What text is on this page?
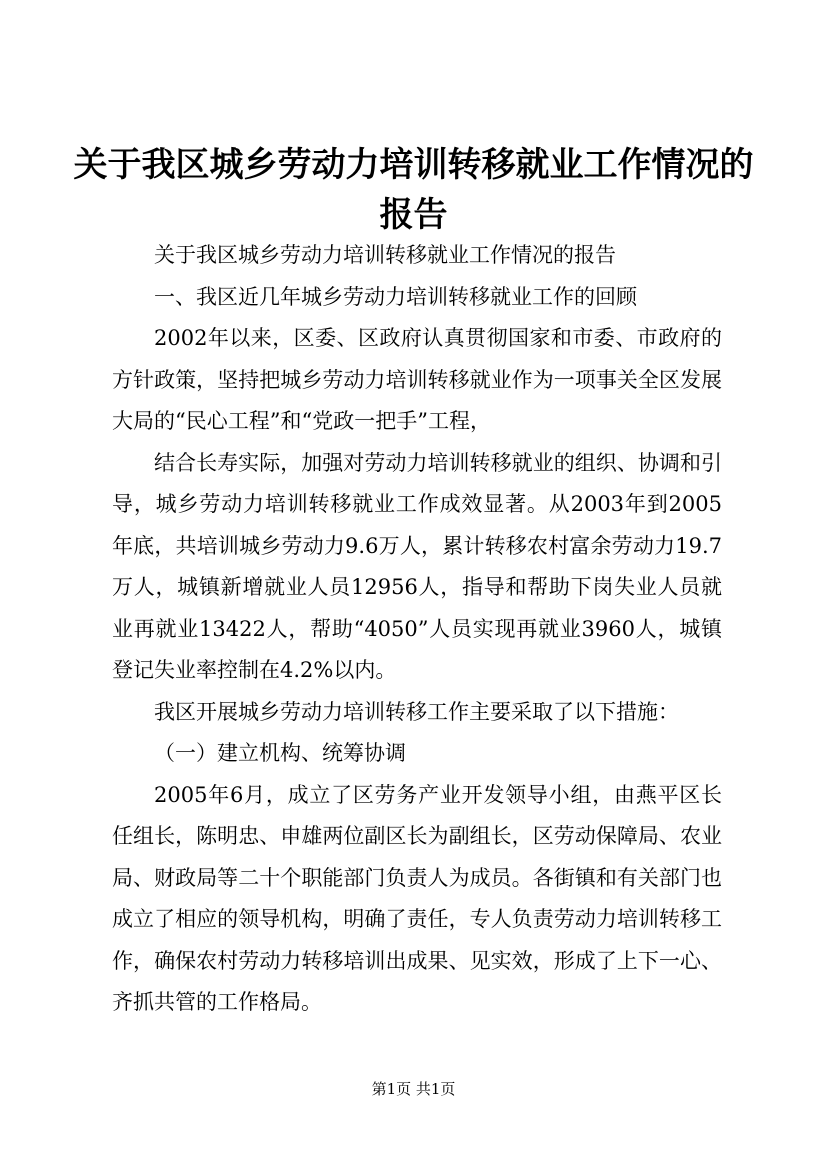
关于我区城乡劳动力培训转移就业工作情况的报告

关于我区城乡劳动力培训转移就业工作情况的报告

一、我区近几年城乡劳动力培训转移就业工作的回顾

2002年以来，区委、区政府认真贯彻国家和市委、市政府的方针政策，坚持把城乡劳动力培训转移就业作为一项事关全区发展大局的“民心工程”和“党政一把手”工程，

结合长寿实际，加强对劳动力培训转移就业的组织、协调和引导，城乡劳动力培训转移就业工作成效显著。从2003年到2005年底，共培训城乡劳动力9.6万人，累计转移农村富余劳动力19.7万人，城镇新增就业人员12956人，指导和帮助下岗失业人员就业再就业13422人，帮助“4050”人员实现再就业3960人，城镇登记失业率控制在4.2%以内。

我区开展城乡劳动力培训转移工作主要采取了以下措施：

（一）建立机构、统筹协调

2005年6月，成立了区劳务产业开发领导小组，由燕平区长任组长，陈明忠、申雄两位副区长为副组长，区劳动保障局、农业局、财政局等二十个职能部门负责人为成员。各街镇和有关部门也成立了相应的领导机构，明确了责任，专人负责劳动力培训转移工作，确保农村劳动力转移培训出成果、见实效，形成了上下一心、齐抓共管的工作格局。

第1页 共1页
